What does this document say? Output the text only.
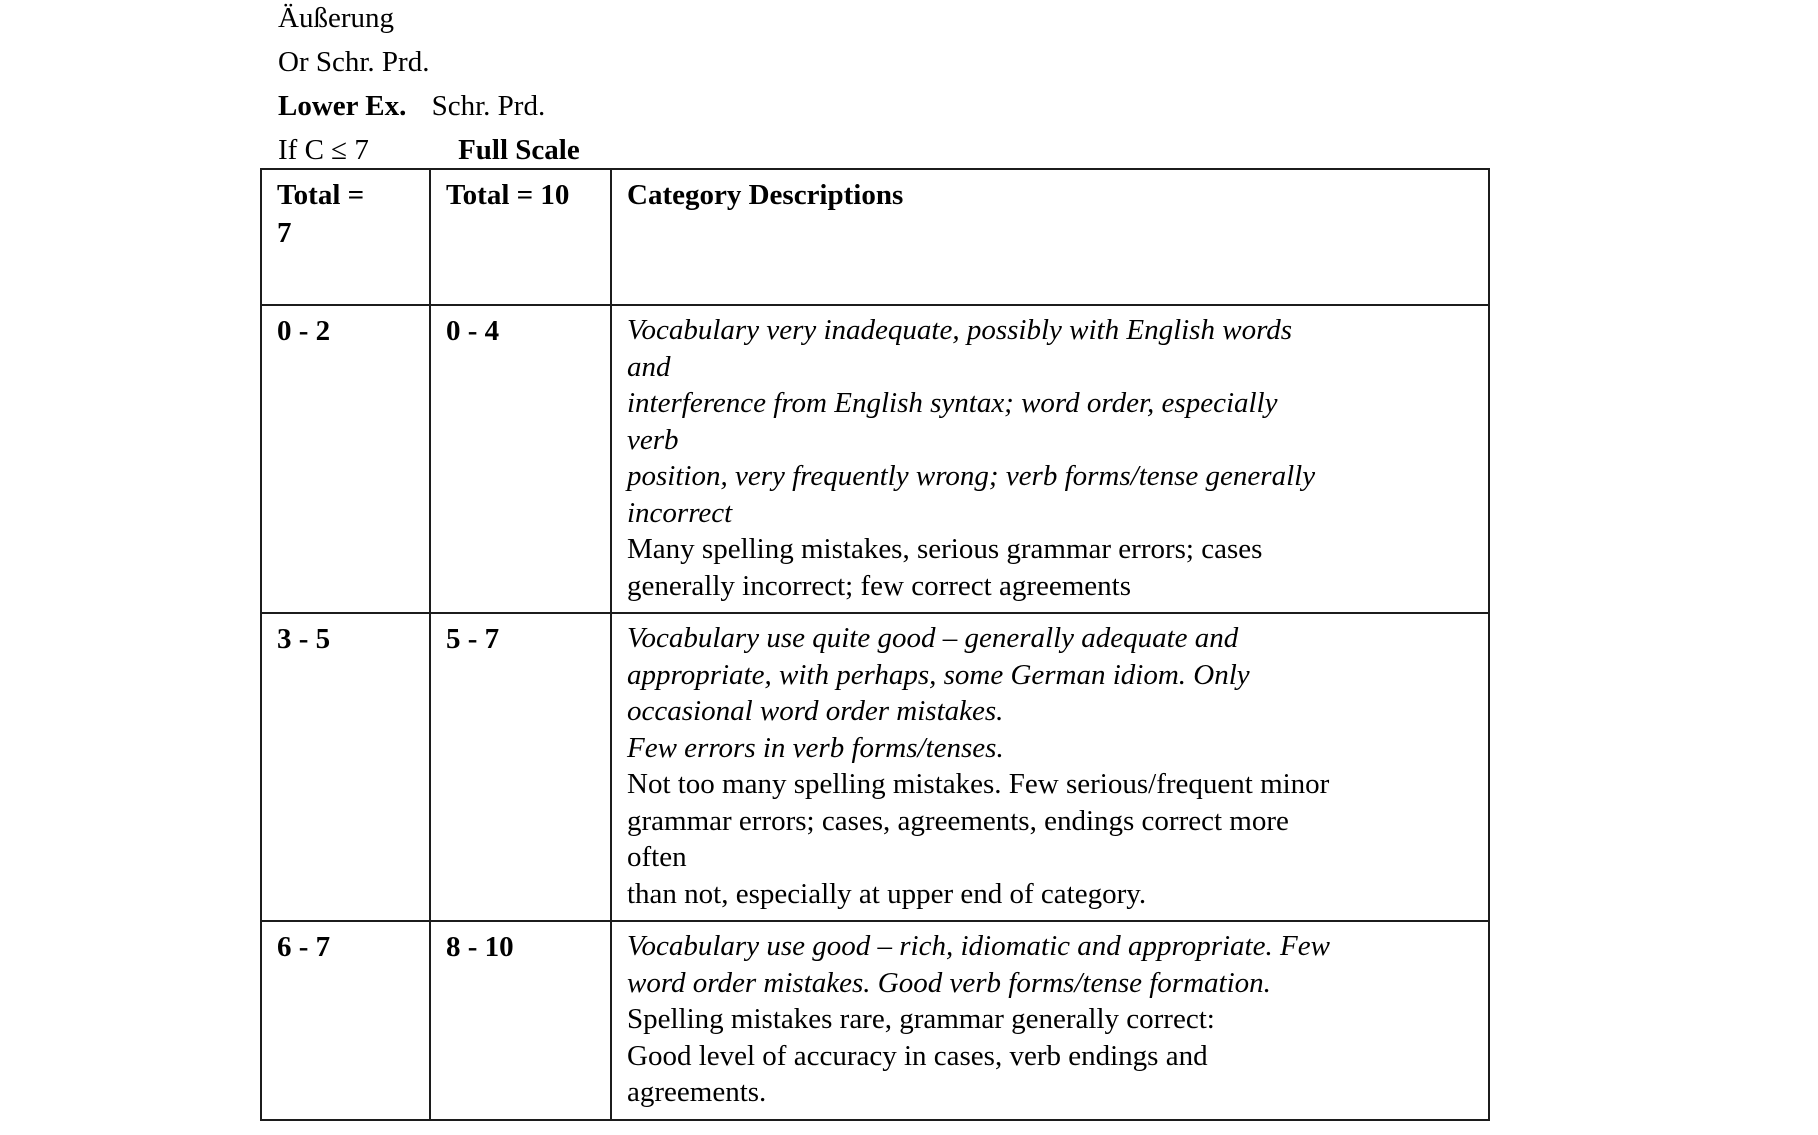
Äußerung
Or Schr. Prd.
Lower Ex. Schr. Prd.
If C ≤ 7	Full Scale
Total = 7	Total = 10	Category Descriptions
0 - 2	0 - 4	Vocabulary very inadequate, possibly with English words
and
interference from English syntax; word order, especially
verb
position, very frequently wrong; verb forms/tense generally
incorrect
Many spelling mistakes, serious grammar errors; cases
generally incorrect; few correct agreements

3 - 5	5 - 7	Vocabulary use quite good – generally adequate and
appropriate, with perhaps, some German idiom. Only
occasional word order mistakes.
Few errors in verb forms/tenses.
Not too many spelling mistakes. Few serious/frequent minor
grammar errors; cases, agreements, endings correct more
often
than not, especially at upper end of category.

6 - 7	8 - 10	Vocabulary use good – rich, idiomatic and appropriate. Few
word order mistakes. Good verb forms/tense formation.
Spelling mistakes rare, grammar generally correct:
Good level of accuracy in cases, verb endings and
agreements.
